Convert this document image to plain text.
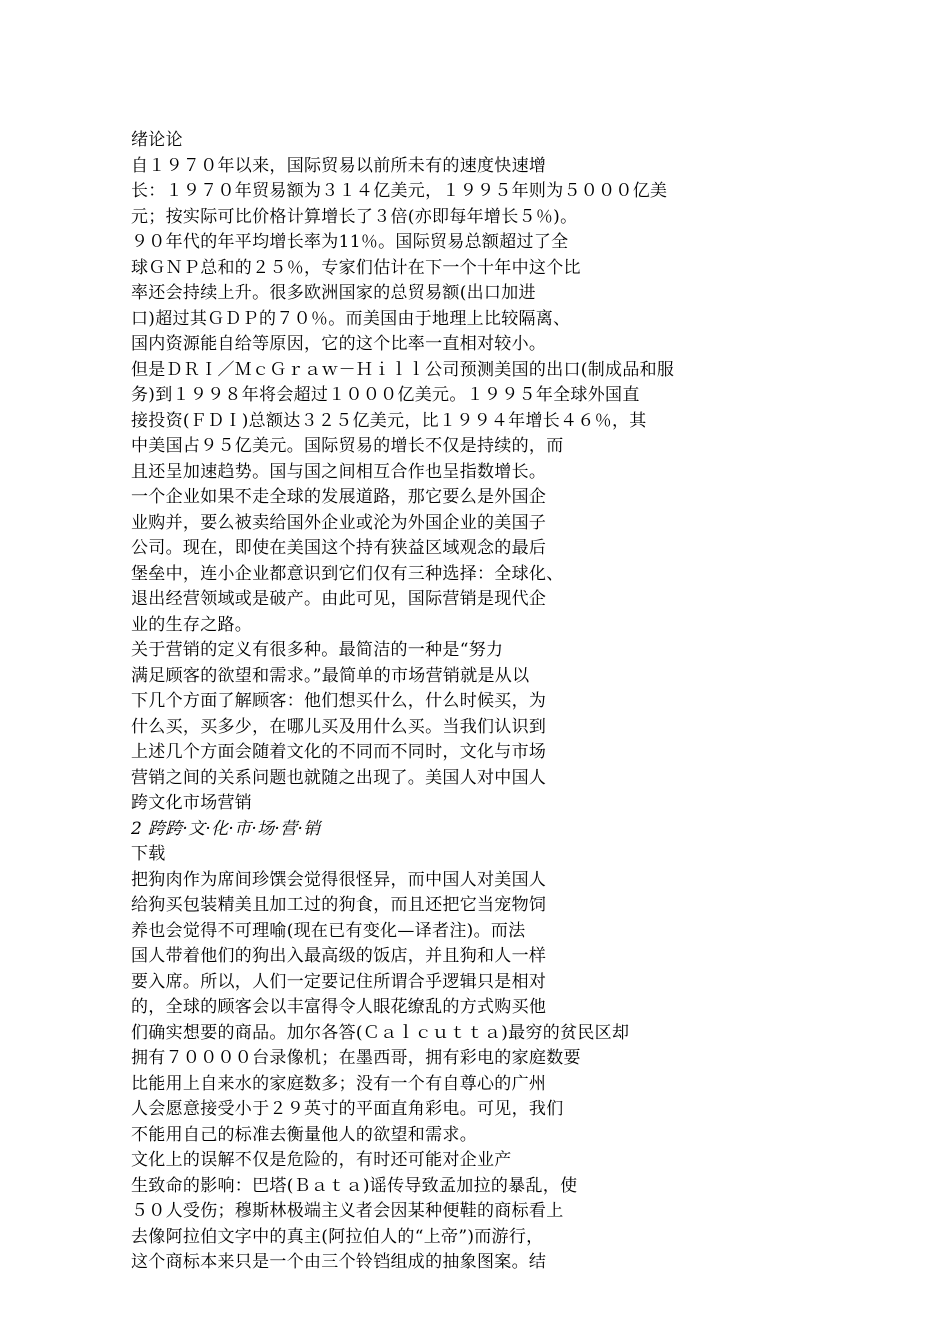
绪论论
自１９７０年以来，国际贸易以前所未有的速度快速增
长：１９７０年贸易额为３１４亿美元，１９９５年则为５０００亿美
元；按实际可比价格计算增长了３倍(亦即每年增长５％)。
９０年代的年平均增长率为11％。国际贸易总额超过了全
球ＧＮＰ总和的２５％，专家们估计在下一个十年中这个比
率还会持续上升。很多欧洲国家的总贸易额(出口加进
口)超过其ＧＤＰ的７０％。而美国由于地理上比较隔离、
国内资源能自给等原因，它的这个比率一直相对较小。
但是ＤＲＩ／ＭｃＧｒａｗ－Ｈｉｌｌ公司预测美国的出口(制成品和服
务)到１９９８年将会超过１０００亿美元。１９９５年全球外国直
接投资(ＦＤＩ)总额达３２５亿美元，比１９９４年增长４６％，其
中美国占９５亿美元。国际贸易的增长不仅是持续的，而
且还呈加速趋势。国与国之间相互合作也呈指数增长。
一个企业如果不走全球的发展道路，那它要么是外国企
业购并，要么被卖给国外企业或沦为外国企业的美国子
公司。现在，即使在美国这个持有狭益区域观念的最后
堡垒中，连小企业都意识到它们仅有三种选择：全球化、
退出经营领域或是破产。由此可见，国际营销是现代企
业的生存之路。
关于营销的定义有很多种。最简洁的一种是“努力
满足顾客的欲望和需求。”最简单的市场营销就是从以
下几个方面了解顾客：他们想买什么，什么时候买，为
什么买，买多少，在哪儿买及用什么买。当我们认识到
上述几个方面会随着文化的不同而不同时，文化与市场
营销之间的关系问题也就随之出现了。美国人对中国人
跨文化市场营销
2 跨跨·文·化·市·场·营·销
下载
把狗肉作为席间珍馔会觉得很怪异，而中国人对美国人
给狗买包装精美且加工过的狗食，而且还把它当宠物饲
养也会觉得不可理喻(现在已有变化—译者注)。而法
国人带着他们的狗出入最高级的饭店，并且狗和人一样
要入席。所以，人们一定要记住所谓合乎逻辑只是相对
的，全球的顾客会以丰富得令人眼花缭乱的方式购买他
们确实想要的商品。加尔各答(Ｃａｌｃｕｔｔａ)最穷的贫民区却
拥有７００００台录像机；在墨西哥，拥有彩电的家庭数要
比能用上自来水的家庭数多；没有一个有自尊心的广州
人会愿意接受小于２９英寸的平面直角彩电。可见，我们
不能用自己的标准去衡量他人的欲望和需求。
文化上的误解不仅是危险的，有时还可能对企业产
生致命的影响：巴塔(Ｂａｔａ)谣传导致孟加拉的暴乱，使
５０人受伤；穆斯林极端主义者会因某种便鞋的商标看上
去像阿拉伯文字中的真主(阿拉伯人的“上帝”)而游行，
这个商标本来只是一个由三个铃铛组成的抽象图案。结
